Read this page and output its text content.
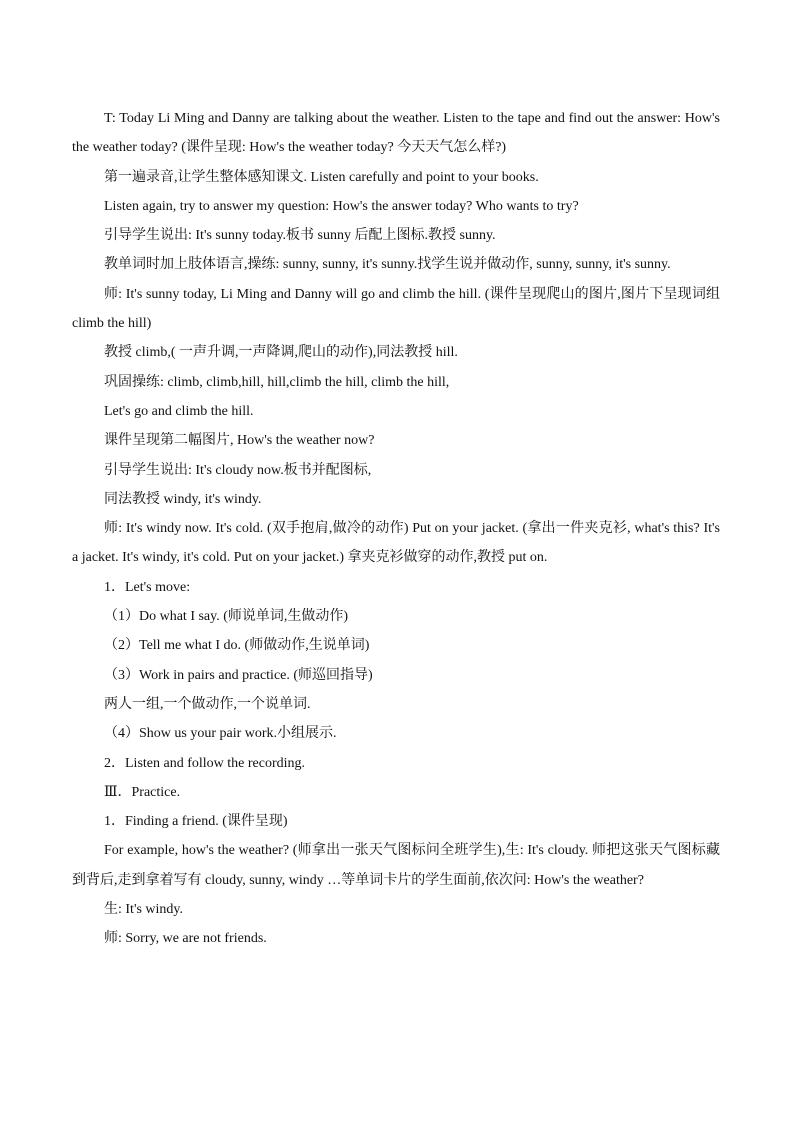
T: Today Li Ming and Danny are talking about the weather. Listen to the tape and find out the answer: How's the weather today? (课件呈现: How's the weather today? 今天天气怎么样?)

第一遍录音,让学生整体感知课文. Listen carefully and point to your books.

Listen again, try to answer my question: How's the answer today? Who wants to try?

引导学生说出: It's sunny today.板书 sunny 后配上图标.教授 sunny.

教单词时加上肢体语言,操练: sunny, sunny, it's sunny.找学生说并做动作, sunny, sunny, it's sunny.

师: It's sunny today, Li Ming and Danny will go and climb the hill. (课件呈现爬山的图片,图片下呈现词组 climb the hill)

教授 climb,( 一声升调,一声降调,爬山的动作),同法教授 hill.

巩固操练: climb, climb,hill, hill,climb the hill, climb the hill,

Let's go and climb the hill.

课件呈现第二幅图片, How's the weather now?

引导学生说出: It's cloudy now.板书并配图标,

同法教授 windy, it's windy.

师: It's windy now. It's cold. (双手抱肩,做冷的动作) Put on your jacket. (拿出一件夹克衫, what's this? It's a jacket. It's windy, it's cold. Put on your jacket.) 拿夹克衫做穿的动作,教授 put on.

1．Let's move:

（1）Do what I say. (师说单词,生做动作)

（2）Tell me what I do. (师做动作,生说单词)

（3）Work in pairs and practice. (师巡回指导)

两人一组,一个做动作,一个说单词.

（4）Show us your pair work.小组展示.

2．Listen and follow the recording.

Ⅲ．Practice.

1．Finding a friend. (课件呈现)

For example, how's the weather? (师拿出一张天气图标问全班学生),生: It's cloudy. 师把这张天气图标藏到背后,走到拿着写有 cloudy, sunny, windy …等单词卡片的学生面前,依次问: How's the weather?

生: It's windy.

师: Sorry, we are not friends.
